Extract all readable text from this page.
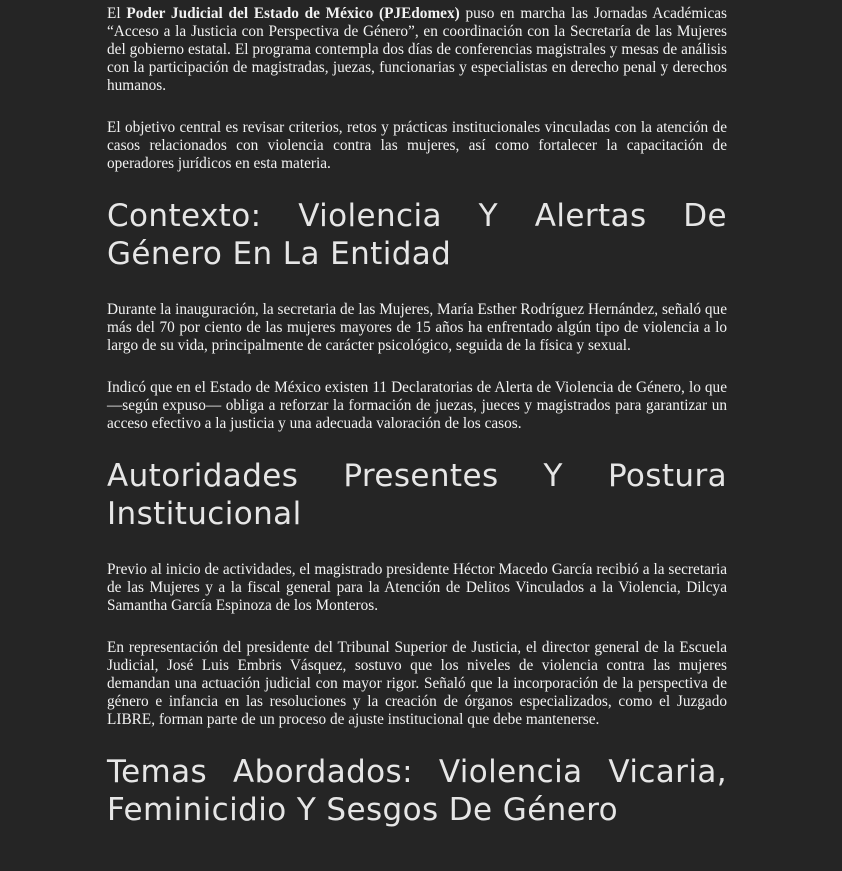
El Poder Judicial del Estado de México (PJEdomex) puso en marcha las Jornadas Académicas “Acceso a la Justicia con Perspectiva de Género”, en coordinación con la Secretaría de las Mujeres del gobierno estatal. El programa contempla dos días de conferencias magistrales y mesas de análisis con la participación de magistradas, juezas, funcionarias y especialistas en derecho penal y derechos humanos.

El objetivo central es revisar criterios, retos y prácticas institucionales vinculadas con la atención de casos relacionados con violencia contra las mujeres, así como fortalecer la capacitación de operadores jurídicos en esta materia.

Contexto: Violencia Y Alertas De Género En La Entidad

Durante la inauguración, la secretaria de las Mujeres, María Esther Rodríguez Hernández, señaló que más del 70 por ciento de las mujeres mayores de 15 años ha enfrentado algún tipo de violencia a lo largo de su vida, principalmente de carácter psicológico, seguida de la física y sexual.

Indicó que en el Estado de México existen 11 Declaratorias de Alerta de Violencia de Género, lo que —según expuso— obliga a reforzar la formación de juezas, jueces y magistrados para garantizar un acceso efectivo a la justicia y una adecuada valoración de los casos.

Autoridades Presentes Y Postura Institucional

Previo al inicio de actividades, el magistrado presidente Héctor Macedo García recibió a la secretaria de las Mujeres y a la fiscal general para la Atención de Delitos Vinculados a la Violencia, Dilcya Samantha García Espinoza de los Monteros.

En representación del presidente del Tribunal Superior de Justicia, el director general de la Escuela Judicial, José Luis Embris Vásquez, sostuvo que los niveles de violencia contra las mujeres demandan una actuación judicial con mayor rigor. Señaló que la incorporación de la perspectiva de género e infancia en las resoluciones y la creación de órganos especializados, como el Juzgado LIBRE, forman parte de un proceso de ajuste institucional que debe mantenerse.

Temas Abordados: Violencia Vicaria, Feminicidio Y Sesgos De Género
